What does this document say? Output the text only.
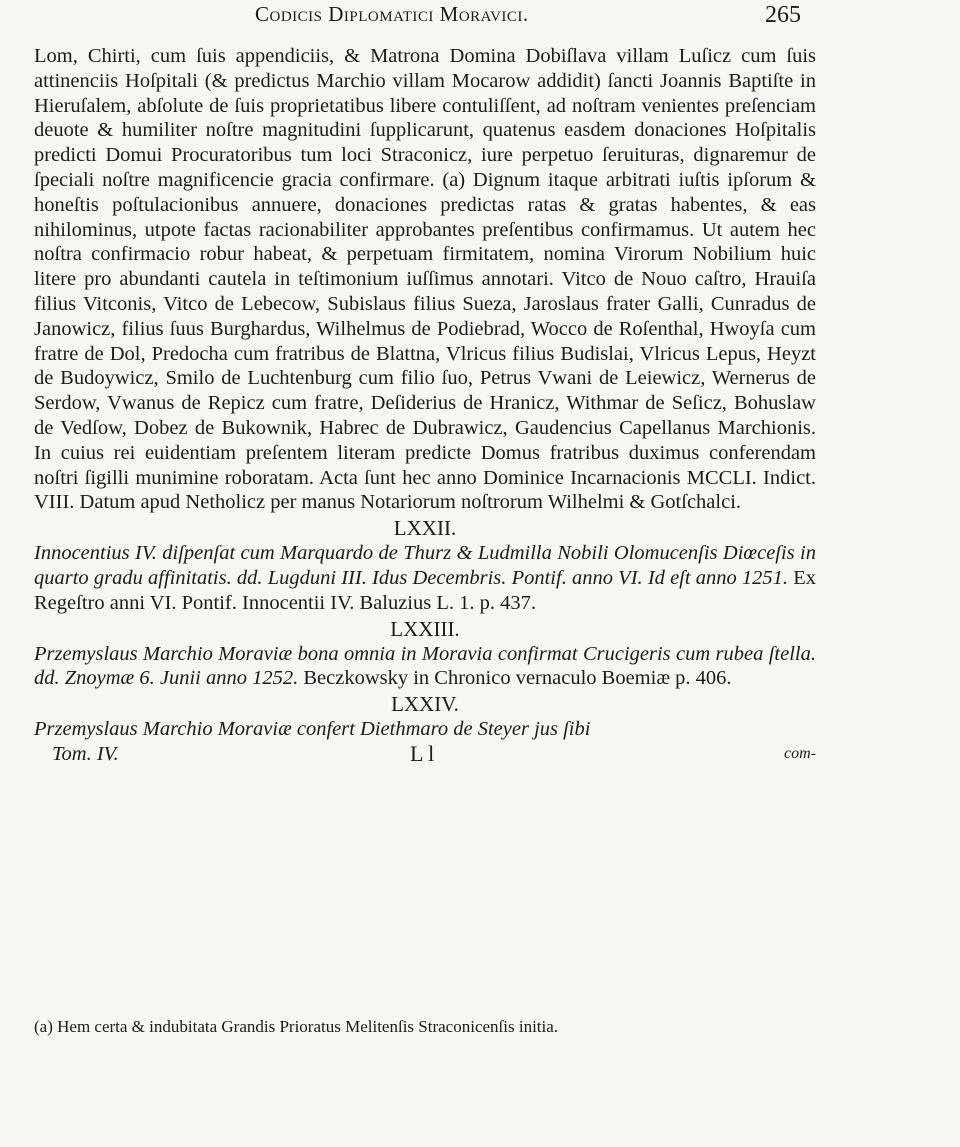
Codicis Diplomatici Moravici.	265

Lom, Chirti, cum ſuis appendiciis, & Matrona Domina Dobiſlava villam Luſicz cum ſuis attinenciis Hoſpitali (& predictus Marchio villam Mocarow addidit) ſancti Joannis Baptiſte in Hieruſalem, abſolute de ſuis proprietatibus libere contuliſſent, ad noſtram venientes preſenciam deuote & humiliter noſtre magnitudini ſupplicarunt, quatenus easdem donaciones Hoſpitalis predicti Domui Procuratoribus tum loci Straconicz, iure perpetuo ſeruituras, dignaremur de ſpeciali noſtre magnificencie gracia confirmare. (a) Dignum itaque arbitrati iuſtis ipſorum & honeſtis poſtulacionibus annuere, donaciones predictas ratas & gratas habentes, & eas nihilominus, utpote factas racionabiliter approbantes preſentibus confirmamus. Ut autem hec noſtra confirmacio robur habeat, & perpetuam firmitatem, nomina Virorum Nobilium huic litere pro abundanti cautela in teſtimonium iuſſimus annotari. Vitco de Nouo caſtro, Hrauiſa filius Vitconis, Vitco de Lebecow, Subislaus filius Sueza, Jaroslaus frater Galli, Cunradus de Janowicz, filius ſuus Burghardus, Wilhelmus de Podiebrad, Wocco de Roſenthal, Hwoyſa cum fratre de Dol, Predocha cum fratribus de Blattna, Vlricus filius Budislai, Vlricus Lepus, Heyzt de Budoywicz, Smilo de Luchtenburg cum filio ſuo, Petrus Vwani de Leiewicz, Wernerus de Serdow, Vwanus de Repicz cum fratre, Deſiderius de Hranicz, Withmar de Seſicz, Bohuslaw de Vedſow, Dobez de Bukownik, Habrec de Dubrawicz, Gaudencius Capellanus Marchionis. In cuius rei euidentiam preſentem literam predicte Domus fratribus duximus conferendam noſtri ſigilli munimine roboratam. Acta ſunt hec anno Dominice Incarnacionis MCCLI. Indict. VIII. Datum apud Netholicz per manus Notariorum noſtrorum Wilhelmi & Gotſchalci.

LXXII.

Innocentius IV. diſpenſat cum Marquardo de Thurz & Ludmilla Nobili Olomucenſis Diœceſis in quarto gradu affinitatis. dd. Lugduni III. Idus Decembris. Pontif. anno VI. Id eſt anno 1251. Ex Regeſtro anni VI. Pontif. Innocentii IV. Baluzius L. 1. p. 437.

LXXIII.

Przemyslaus Marchio Moraviæ bona omnia in Moravia confirmat Crucigeris cum rubea ſtella. dd. Znoymæ 6. Junii anno 1252. Beczkowsky in Chronico vernaculo Boemiæ p. 406.

LXXIV.

Przemyslaus Marchio Moraviæ confert Diethmaro de Steyer jus ſibi

Tom. IV.	L l	com-
(a) Hem certa & indubitata Grandis Prioratus Melitenſis Straconicenſis initia.
